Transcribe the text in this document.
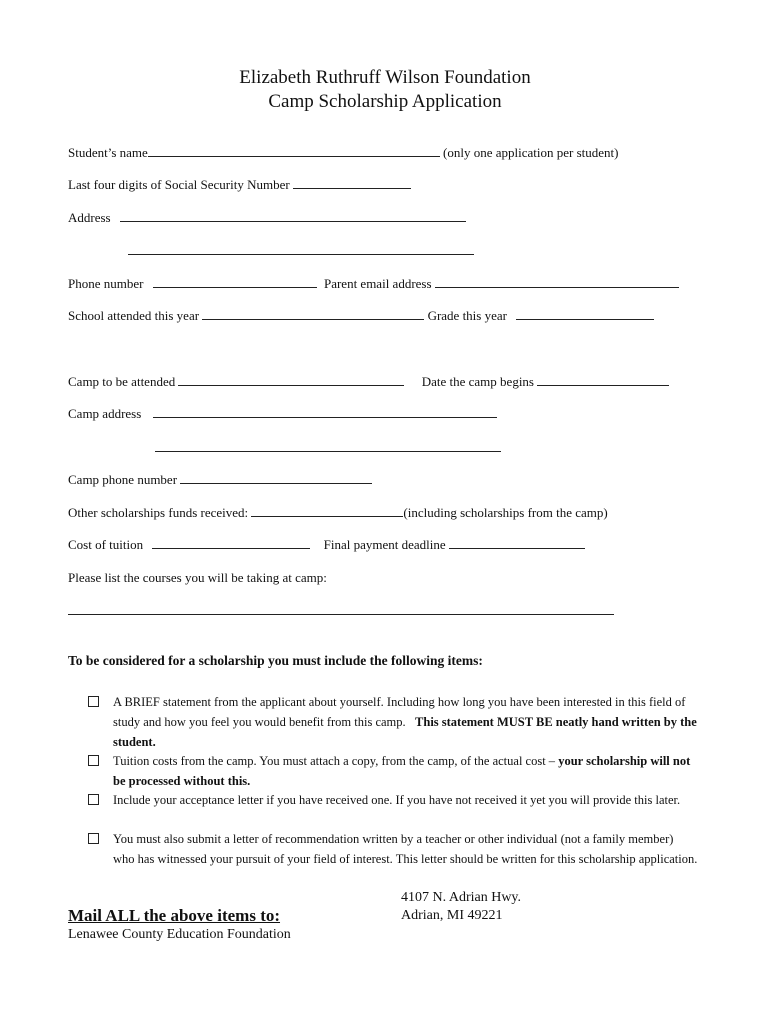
Elizabeth Ruthruff Wilson Foundation
Camp Scholarship Application
Student’s name	(only one application per student)
Last four digits of Social Security Number
Address
Phone number	Parent email address
School attended this year	Grade this year
Camp to be attended	Date the camp begins
Camp address
Camp phone number
Other scholarships funds received:	(including scholarships from the camp)
Cost of tuition	Final payment deadline
Please list the courses you will be taking at camp:
To be considered for a scholarship you must include the following items:
A BRIEF statement from the applicant about yourself. Including how long you have been interested in this field of study and how you feel you would benefit from this camp. This statement MUST BE neatly hand written by the student.
Tuition costs from the camp. You must attach a copy, from the camp, of the actual cost – your scholarship will not be processed without this.
Include your acceptance letter if you have received one. If you have not received it yet you will provide this later.
You must also submit a letter of recommendation written by a teacher or other individual (not a family member) who has witnessed your pursuit of your field of interest. This letter should be written for this scholarship application.
4107 N. Adrian Hwy.
Adrian, MI 49221
Mail ALL the above items to:
Lenawee County Education Foundation
